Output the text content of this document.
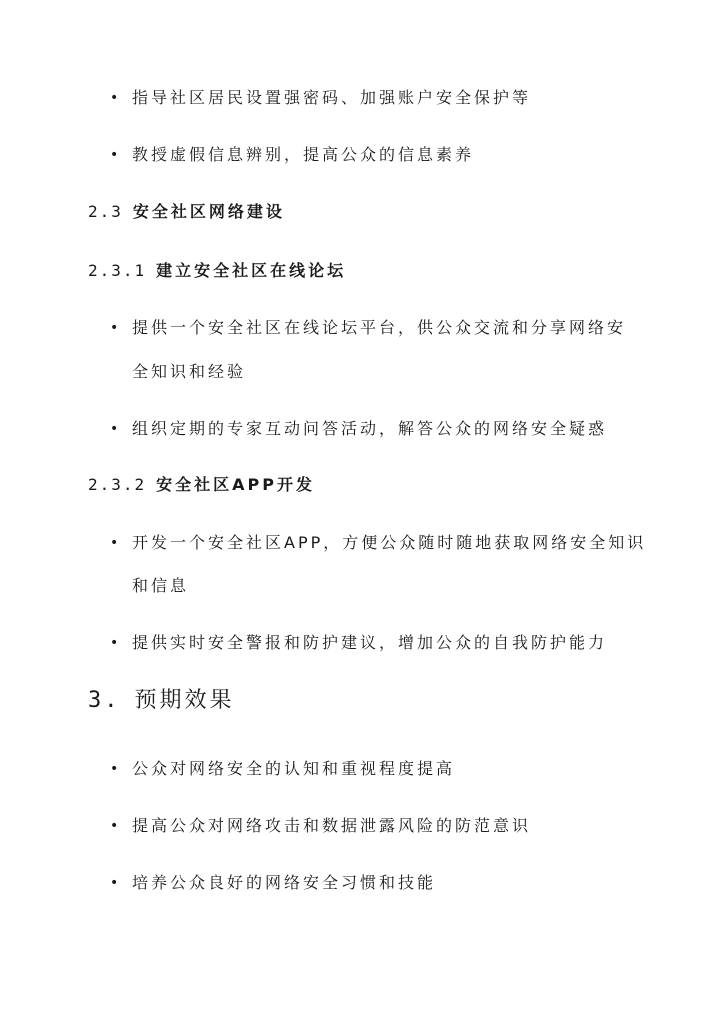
• 指导社区居民设置强密码、加强账户安全保护等
• 教授虚假信息辨别，提高公众的信息素养
2.3 安全社区网络建设
2.3.1 建立安全社区在线论坛
• 提供一个安全社区在线论坛平台，供公众交流和分享网络安
全知识和经验
• 组织定期的专家互动问答活动，解答公众的网络安全疑惑
2.3.2 安全社区APP开发
• 开发一个安全社区APP，方便公众随时随地获取网络安全知识
和信息
• 提供实时安全警报和防护建议，增加公众的自我防护能力
3. 预期效果
• 公众对网络安全的认知和重视程度提高
• 提高公众对网络攻击和数据泄露风险的防范意识
• 培养公众良好的网络安全习惯和技能
